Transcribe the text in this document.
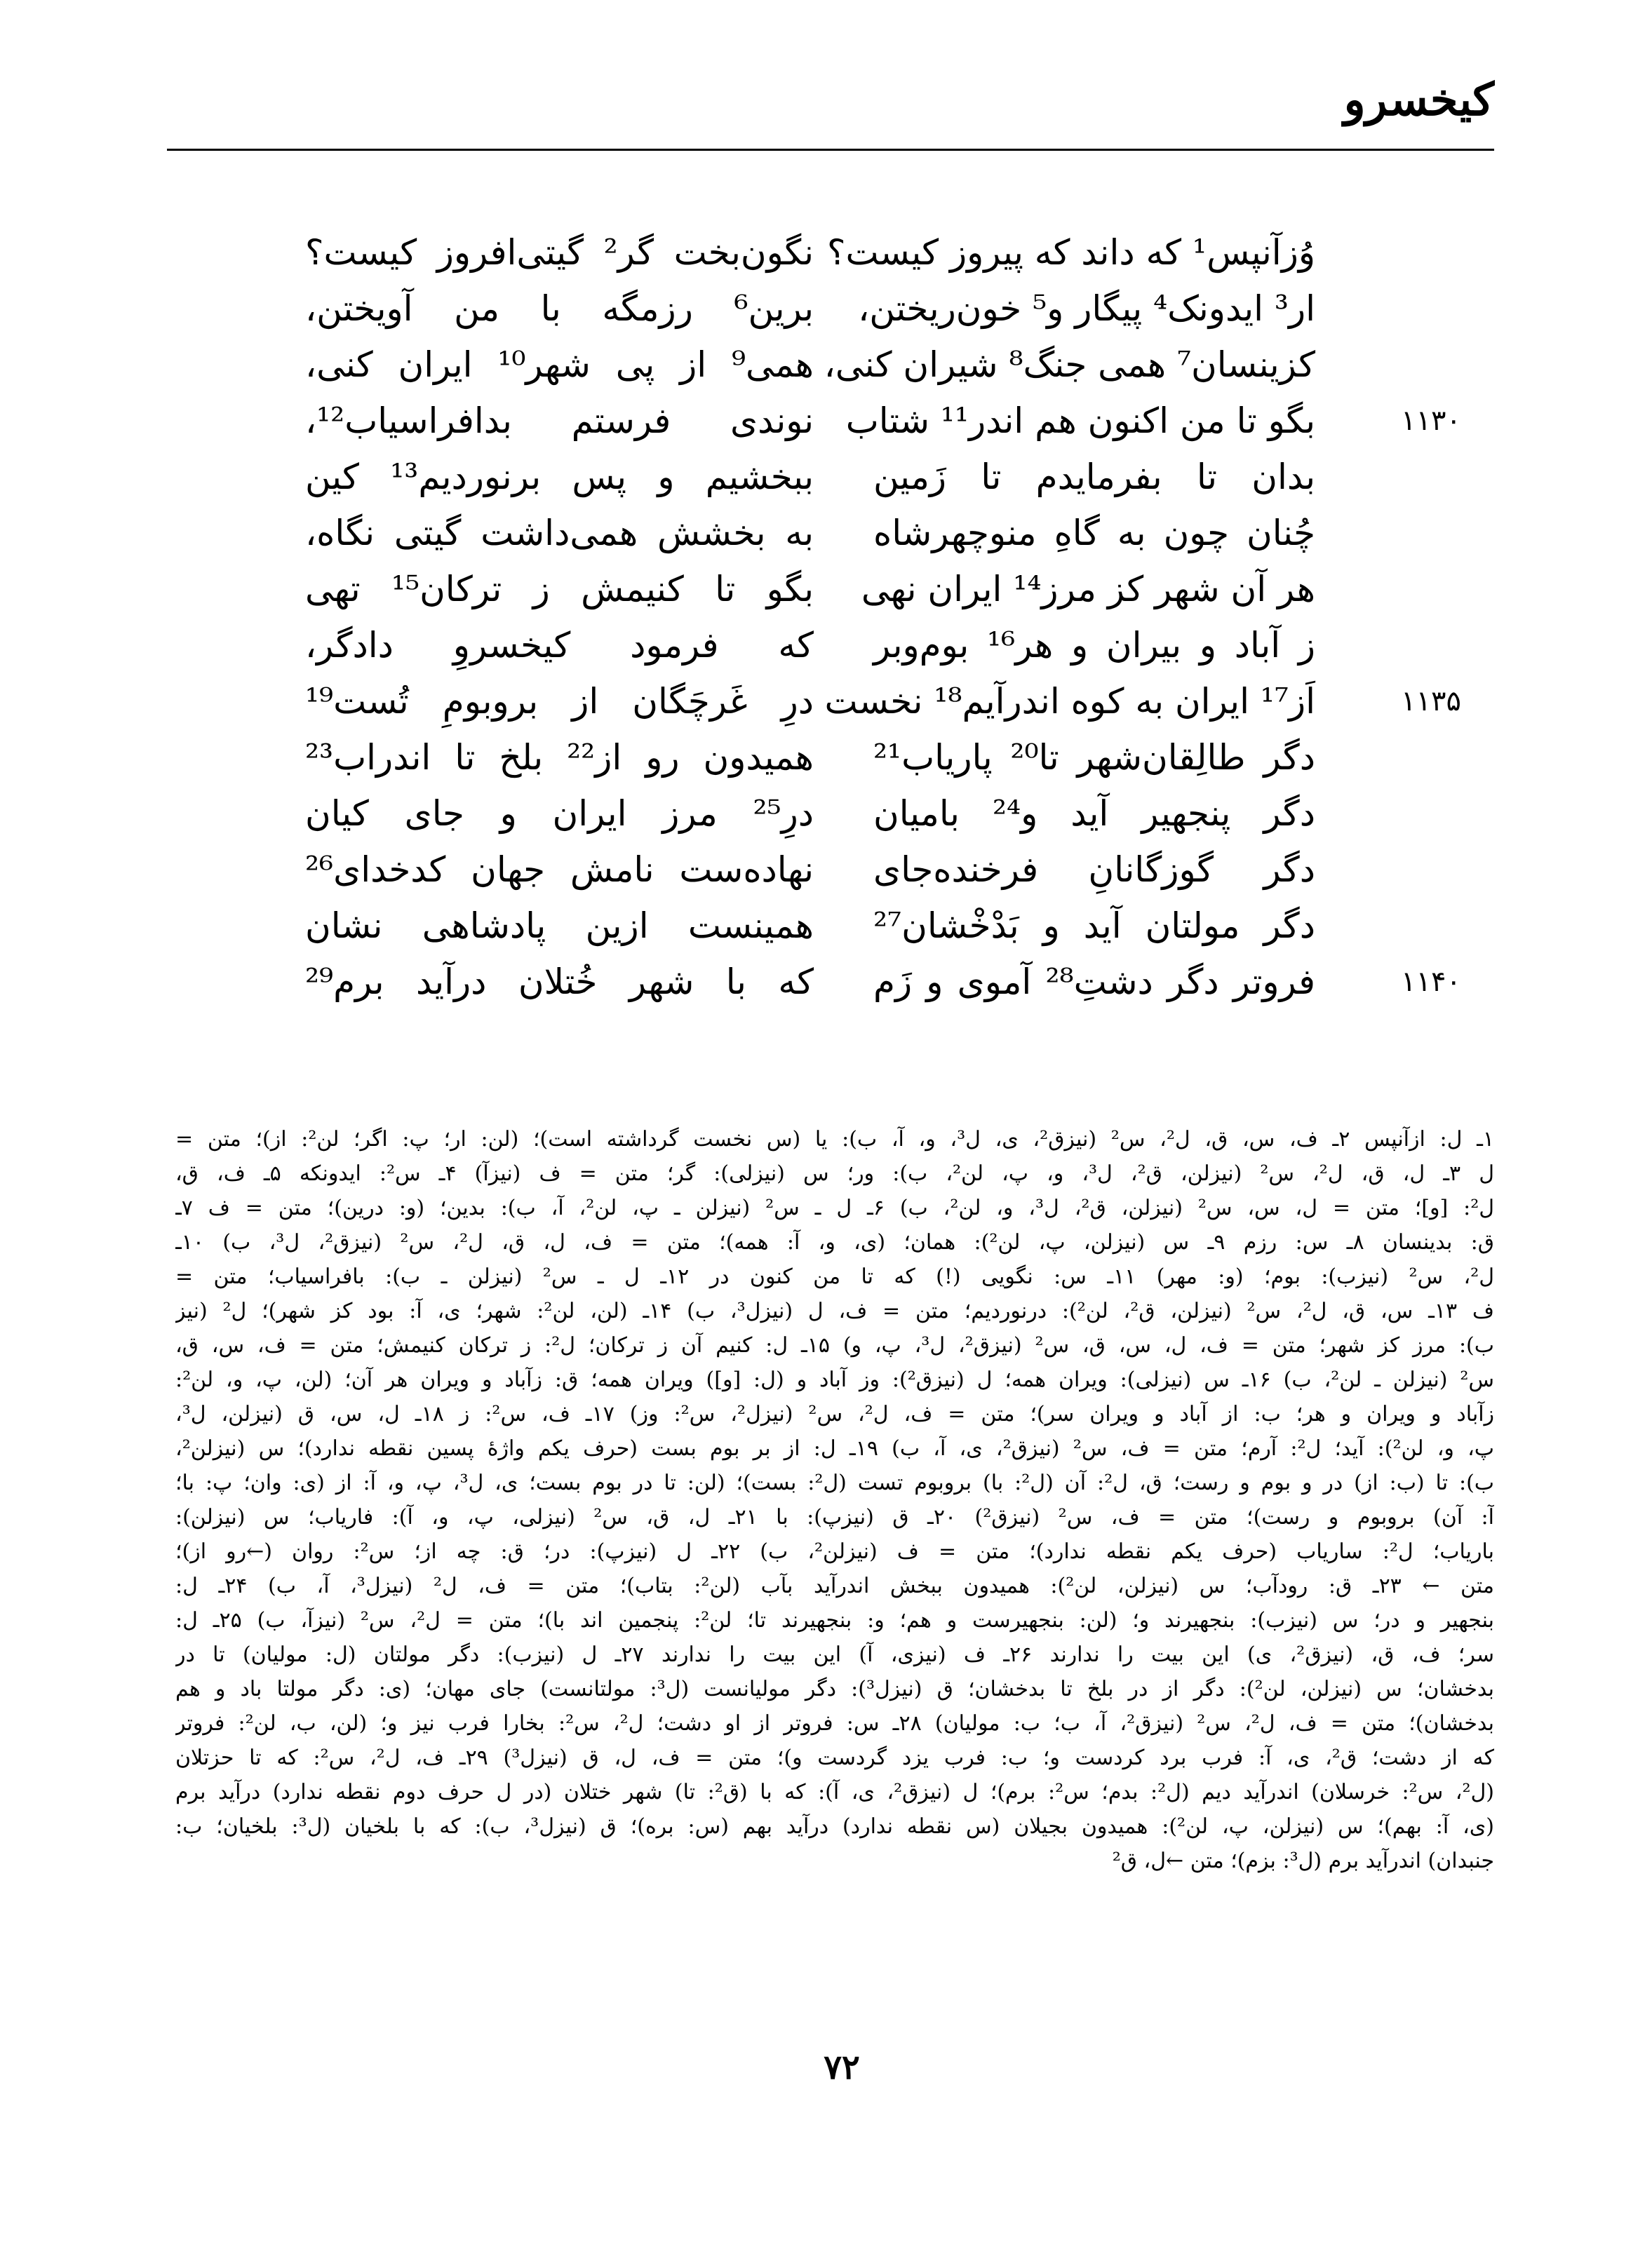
کیخسرو
وُزآنپس¹ که داند که پیروز کیست؟
نگون‌بخت گر² گیتی‌افروز کیست؟
ار³ ایدونک⁴ پیگار و⁵ خون‌ریختن،
برین⁶ رزمگه با من آویختن،
کزینسان⁷ همی جنگ⁸ شیران کنی،
همی⁹ از پی شهر¹⁰ ایران کنی،
بگو تا من اکنون هم اندر¹¹ شتاب
نوندی فرستم بدافراسیاب¹²،	۱۱۳۰
بدان تا بفرمایدم تا زَمین
ببخشیم و پس برنوردیم¹³ کین
چُنان چون به گاهِ منوچهرشاه
به بخشش همی‌داشت گیتی نگاه،
هر آن شهر کز مرز¹⁴ ایران نهی
بگو تا کنیمش ز ترکان¹⁵ تهی
ز آباد و بیران و هر¹⁶ بوم‌وبر
که فرمود کیخسروِ دادگر،
اَز¹⁷ ایران به کوه اندرآیم¹⁸ نخست
درِ غَرچَگان از بروبومِ تُست¹⁹	۱۱۳۵
دگر طالِقان‌شهر تا²⁰ پاریاب²¹
همیدون رو از²² بلخ تا اندراب²³
دگر پنجهیر آید و²⁴ بامیان
درِ²⁵ مرز ایران و جای کیان
دگر گوزگانانِ فرخنده‌جای
نهاده‌ست نامش جهان کدخدای²⁶
دگر مولتان آید و بَدْخْشان²⁷
همینست ازین پادشاهی نشان
فروتر دگر دشتِ²⁸ آموی و زَم
که با شهر خُتلان درآید برم²⁹	۱۱۴۰
۱ـ ل: ازآنپس ۲ـ ف، س، ق، ل²، س² (نیزق²، ی، ل³، و، آ، ب): یا (س نخست گرداشته است)؛ (لن: ار؛ پ: اگر؛ لن²: از)؛ متن =
ل ۳ـ ل، ق، ل²، س² (نیزلن، ق²، ل³، و، پ، لن²، ب): ور؛ س (نیزلی): گر؛ متن = ف (نیزآ) ۴ـ س²: ایدونکه ۵ـ ف، ق،
ل²: [و]؛ متن = ل، س، س² (نیزلن، ق²، ل³، و، لن²، ب) ۶ـ ل ـ س² (نیزلن ـ پ، لن²، آ، ب): بدین؛ (و: درین)؛ متن = ف ۷ـ
ق: بدینسان ۸ـ س: رزم ۹ـ س (نیزلن، پ، لن²): همان؛ (ی، و، آ: همه)؛ متن = ف، ل، ق، ل²، س² (نیزق²، ل³، ب) ۱۰ـ
ل²، س² (نیزب): بوم؛ (و: مهر) ۱۱ـ س: نگویی (!) که تا من کنون در ۱۲ـ ل ـ س² (نیزلن ـ ب): بافراسیاب؛ متن =
ف ۱۳ـ س، ق، ل²، س² (نیزلن، ق²، لن²): درنوردیم؛ متن = ف، ل (نیزل³، ب) ۱۴ـ (لن، لن²: شهر؛ ی، آ: بود کز شهر)؛ ل² (نیز
ب): مرز کز شهر؛ متن = ف، ل، س، ق، س² (نیزق²، ل³، پ، و) ۱۵ـ ل: کنیم آن ز ترکان؛ ل²: ز ترکان کنیمش؛ متن = ف، س، ق،
س² (نیزلن ـ لن²، ب) ۱۶ـ س (نیزلی): ویران همه؛ ل (نیزق²): وز آباد و (ل: [و]) ویران همه؛ ق: زآباد و ویران هر آن؛ (لن، پ، و، لن²:
زآباد و ویران و هر؛ ب: از آباد و ویران سر)؛ متن = ف، ل²، س² (نیزل²، س²: وز) ۱۷ـ ف، س²: ز ۱۸ـ ل، س، ق (نیزلن، ل³،
پ، و، لن²): آید؛ ل²: آرم؛ متن = ف، س² (نیزق²، ی، آ، ب) ۱۹ـ ل: از بر بوم بست (حرف یکم واژهٔ پسین نقطه ندارد)؛ س (نیزلن²،
ب): تا (ب: از) در و بوم و رست؛ ق، ل²: آن (ل²: با) بروبوم تست (ل²: بست)؛ (لن: تا در بوم بست؛ ی، ل³، پ، و، آ: از (ی: وان؛ پ: با؛
آ: آن) بروبوم و رست)؛ متن = ف، س² (نیزق²) ۲۰ـ ق (نیزپ): با ۲۱ـ ل، ق، س² (نیزلی، پ، و، آ): فاریاب؛ س (نیزلن):
باریاب؛ ل²: ساریاب (حرف یکم نقطه ندارد)؛ متن = ف (نیزلن²، ب) ۲۲ـ ل (نیزپ): در؛ ق: چه از؛ س²: روان (←رو از)؛
متن ← ۲۳ـ ق: رودآب؛ س (نیزلن، لن²): همیدون ببخش اندرآید بآب (لن²: بتاب)؛ متن = ف، ل² (نیزل³، آ، ب) ۲۴ـ ل:
بنجهیر و در؛ س (نیزب): بنجهیرند و؛ (لن: بنجهیرست و هم؛ و: بنجهیرند تا؛ لن²: پنجمین اند با)؛ متن = ل²، س² (نیزآ، ب) ۲۵ـ ل:
سر؛ ف، ق، (نیزق²، ی) این بیت را ندارند ۲۶ـ ف (نیزی، آ) این بیت را ندارند ۲۷ـ ل (نیزب): دگر مولتان (ل: مولیان) تا در
بدخشان؛ س (نیزلن، لن²): دگر از در بلخ تا بدخشان؛ ق (نیزل³): دگر مولیانست (ل³: مولتانست) جای مهان؛ (ی: دگر مولتا باد و هم
بدخشان)؛ متن = ف، ل²، س² (نیزق²، آ، ب؛ ب: مولیان) ۲۸ـ س: فروتر از او دشت؛ ل²، س²: بخارا فرب نیز و؛ (لن، ب، لن²: فروتر
که از دشت؛ ق²، ی، آ: فرب برد کردست و؛ ب: فرب یزد گردست و)؛ متن = ف، ل، ق (نیزل³) ۲۹ـ ف، ل²، س²: که تا حزتلان
(ل²، س²: خرسلان) اندرآید دیم (ل²: بدم؛ س²: برم)؛ ل (نیزق²، ی، آ): که با (ق²: تا) شهر ختلان (در ل حرف دوم نقطه ندارد) درآید برم
(ی، آ: بهم)؛ س (نیزلن، پ، لن²): همیدون بجیلان (س نقطه ندارد) درآید بهم (س: بره)؛ ق (نیزل³، ب): که با بلخیان (ل³: بلخیان؛ ب:
جنبدان) اندرآید برم (ل³: بزم)؛ متن ←ل، ق²
۷۲
